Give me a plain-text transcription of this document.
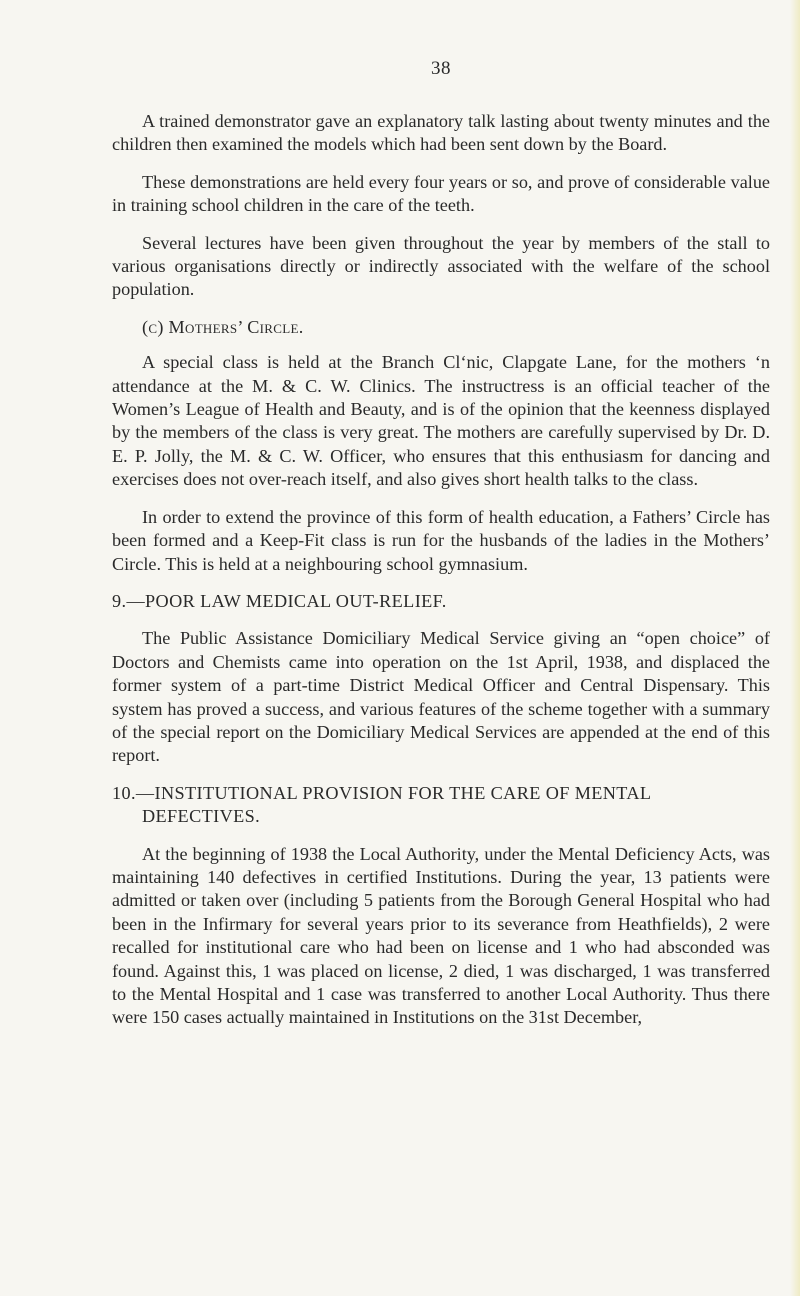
38

A trained demonstrator gave an explanatory talk lasting about twenty minutes and the children then examined the models which had been sent down by the Board.

These demonstrations are held every four years or so, and prove of considerable value in training school children in the care of the teeth.

Several lectures have been given throughout the year by members of the stall to various organisations directly or indirectly associated with the welfare of the school population.

(c) Mothers’ Circle.

A special class is held at the Branch Cl‘nic, Clapgate Lane, for the mothers ‘n attendance at the M. & C. W. Clinics. The instructress is an official teacher of the Women’s League of Health and Beauty, and is of the opinion that the keenness displayed by the members of the class is very great. The mothers are carefully supervised by Dr. D. E. P. Jolly, the M. & C. W. Officer, who ensures that this enthusiasm for dancing and exercises does not over-reach itself, and also gives short health talks to the class.

In order to extend the province of this form of health education, a Fathers’ Circle has been formed and a Keep-Fit class is run for the husbands of the ladies in the Mothers’ Circle. This is held at a neighbouring school gymnasium.

9.—POOR LAW MEDICAL OUT-RELIEF.

The Public Assistance Domiciliary Medical Service giving an “open choice” of Doctors and Chemists came into operation on the 1st April, 1938, and displaced the former system of a part-time District Medical Officer and Central Dispensary. This system has proved a success, and various features of the scheme together with a summary of the special report on the Domiciliary Medical Services are appended at the end of this report.

10.—INSTITUTIONAL PROVISION FOR THE CARE OF MENTAL DEFECTIVES.

At the beginning of 1938 the Local Authority, under the Mental Deficiency Acts, was maintaining 140 defectives in certified Institutions. During the year, 13 patients were admitted or taken over (including 5 patients from the Borough General Hospital who had been in the Infirmary for several years prior to its severance from Heathfields), 2 were recalled for institutional care who had been on license and 1 who had absconded was found. Against this, 1 was placed on license, 2 died, 1 was discharged, 1 was transferred to the Mental Hospital and 1 case was transferred to another Local Authority. Thus there were 150 cases actually maintained in Institutions on the 31st December,
